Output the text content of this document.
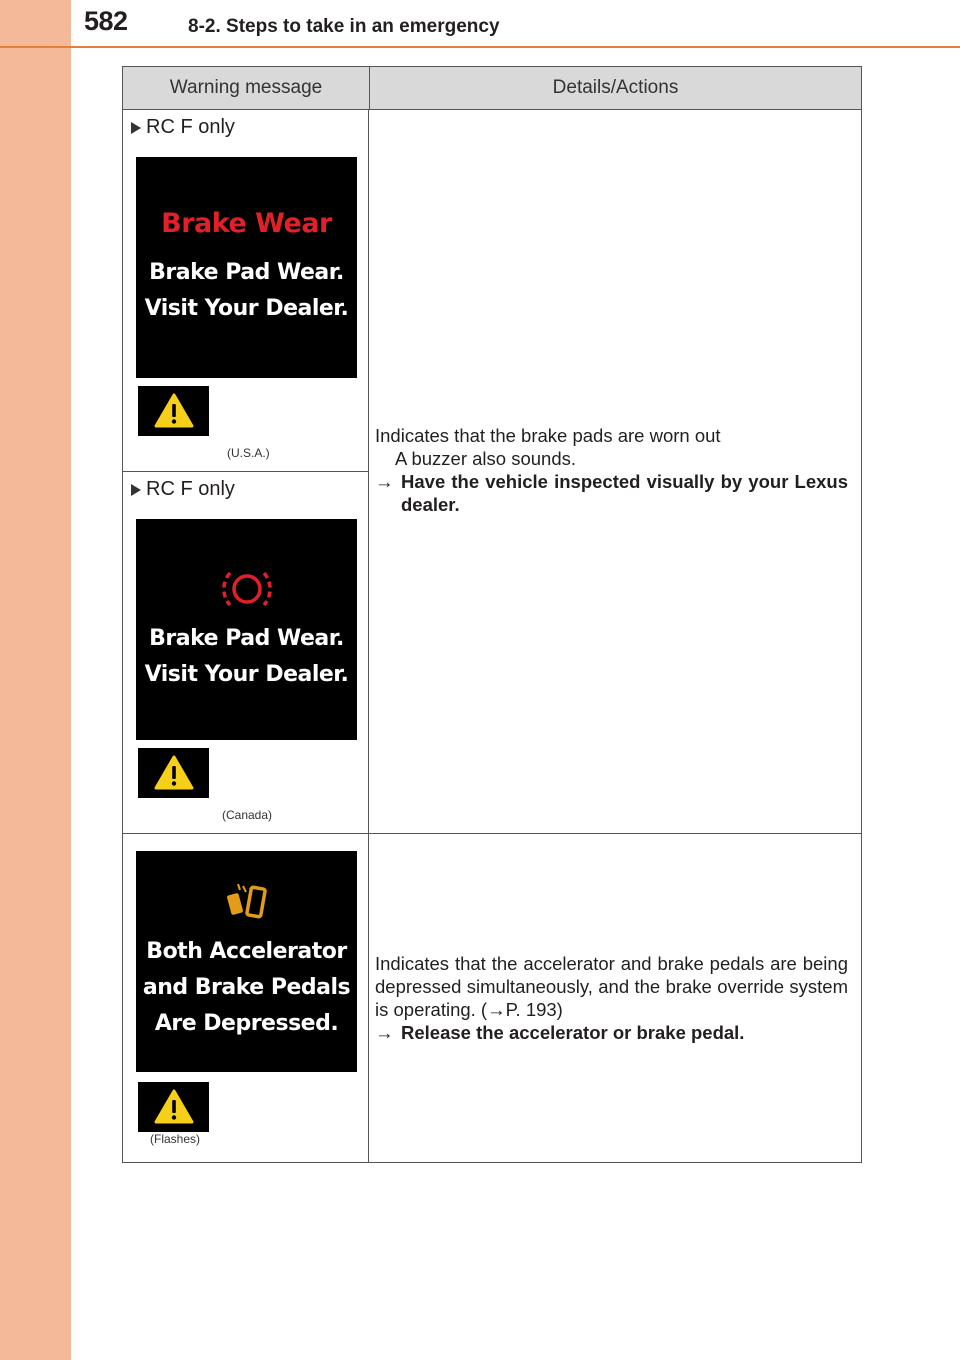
582	8-2. Steps to take in an emergency
Warning message	Details/Actions
RC F only
Brake Wear
Brake Pad Wear.
Visit Your Dealer.
(U.S.A.)
RC F only
Brake Pad Wear.
Visit Your Dealer.
(Canada)
Indicates that the brake pads are worn out
A buzzer also sounds.
→ Have the vehicle inspected visually by your Lexus dealer.
Both Accelerator
and Brake Pedals
Are Depressed.
(Flashes)
Indicates that the accelerator and brake pedals are being depressed simultaneously, and the brake override system is operating. (→P. 193)
→ Release the accelerator or brake pedal.
